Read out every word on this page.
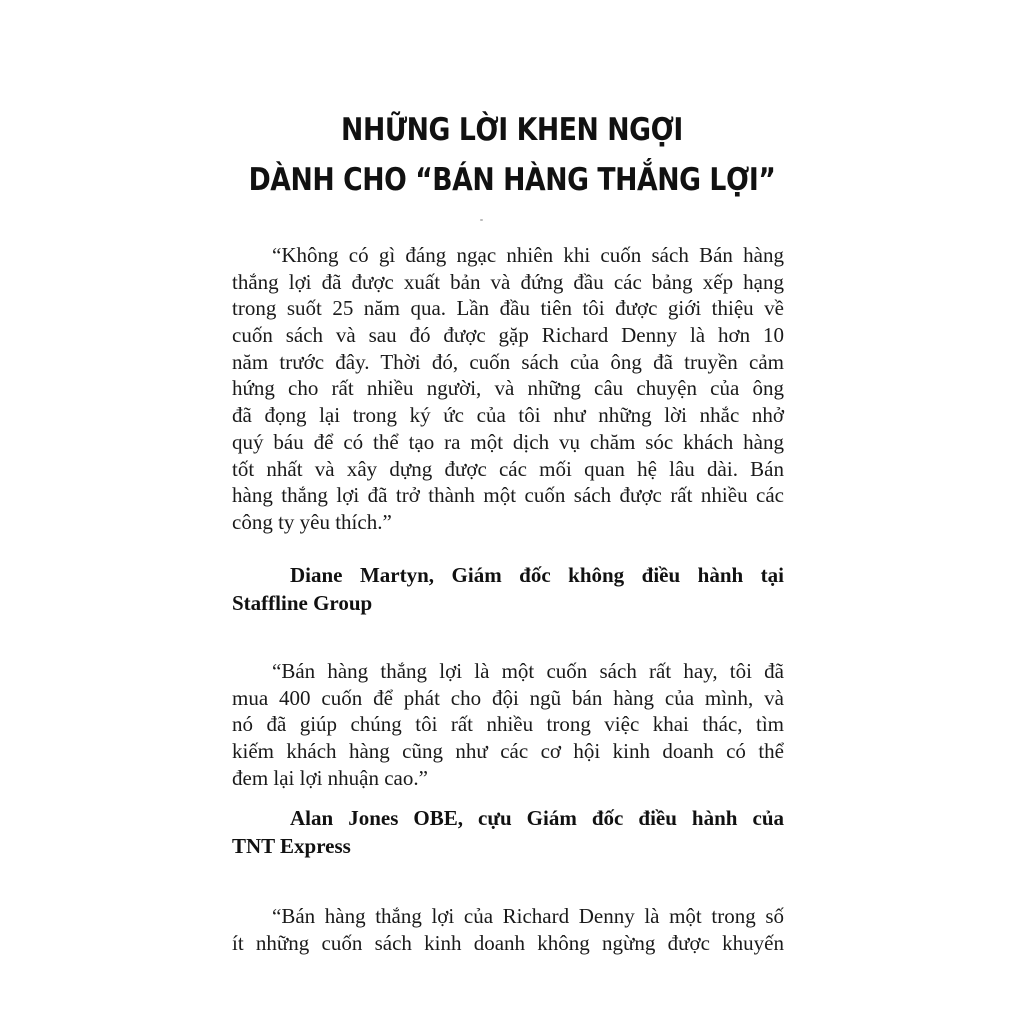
NHỮNG LỜI KHEN NGỢI
DÀNH CHO “BÁN HÀNG THẮNG LỢI”
“Không có gì đáng ngạc nhiên khi cuốn sách Bán hàng
thắng lợi đã được xuất bản và đứng đầu các bảng xếp hạng
trong suốt 25 năm qua. Lần đầu tiên tôi được giới thiệu về
cuốn sách và sau đó được gặp Richard Denny là hơn 10
năm trước đây. Thời đó, cuốn sách của ông đã truyền cảm
hứng cho rất nhiều người, và những câu chuyện của ông
đã đọng lại trong ký ức của tôi như những lời nhắc nhở
quý báu để có thể tạo ra một dịch vụ chăm sóc khách hàng
tốt nhất và xây dựng được các mối quan hệ lâu dài. Bán
hàng thắng lợi đã trở thành một cuốn sách được rất nhiều các
công ty yêu thích.”
Diane Martyn, Giám đốc không điều hành tại
Staffline Group
“Bán hàng thắng lợi là một cuốn sách rất hay, tôi đã
mua 400 cuốn để phát cho đội ngũ bán hàng của mình, và
nó đã giúp chúng tôi rất nhiều trong việc khai thác, tìm
kiếm khách hàng cũng như các cơ hội kinh doanh có thể
đem lại lợi nhuận cao.”
Alan Jones OBE, cựu Giám đốc điều hành của
TNT Express
“Bán hàng thắng lợi của Richard Denny là một trong số
ít những cuốn sách kinh doanh không ngừng được khuyến
